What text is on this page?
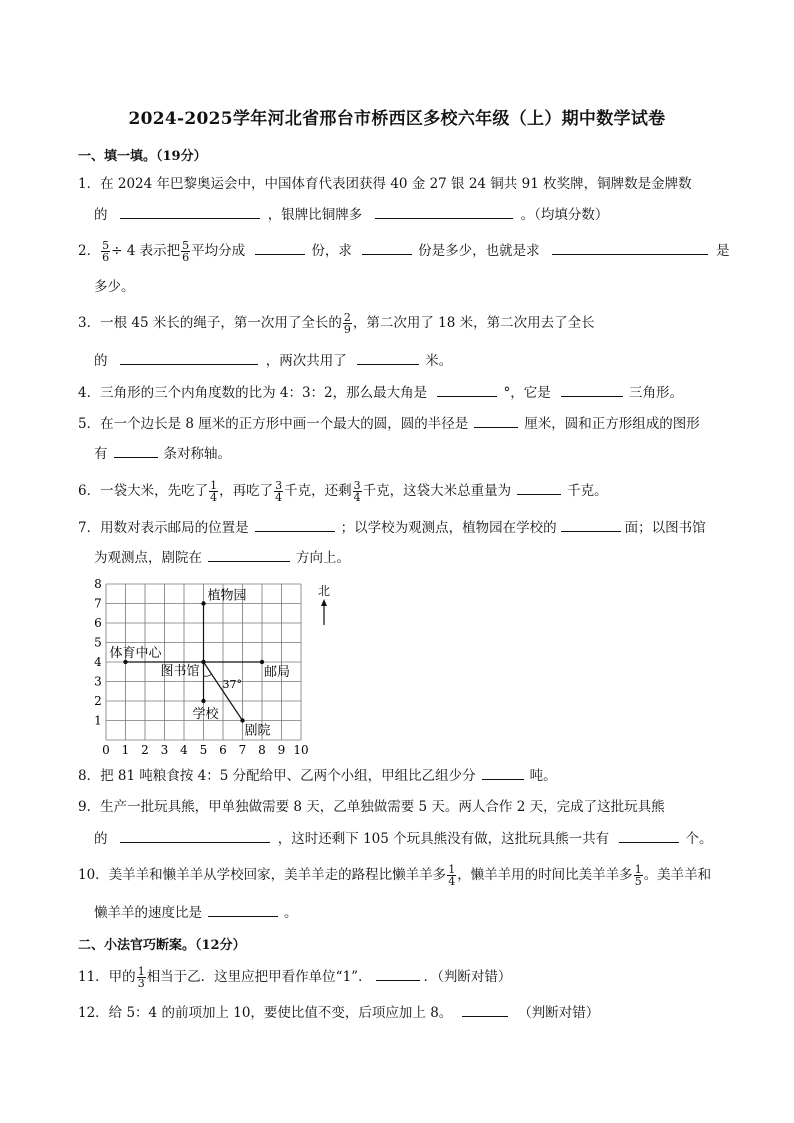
2024-2025学年河北省邢台市桥西区多校六年级（上）期中数学试卷
一、填一填。（19分）
1．在 2024 年巴黎奥运会中，中国体育代表团获得 40 金 27 银 24 铜共 91 枚奖牌，铜牌数是金牌数
的	，银牌比铜牌多	。（均填分数）
2． $\frac{5}{6} \div 4$ 表示把 $\frac{5}{6}$ 平均分成	份，求	份是多少，也就是求	是
多少。
3．一根 45 米长的绳子，第一次用了全长的 $\frac{2}{9}$ ，第二次用了 18 米，第二次用去了全长
的	，两次共用了	米。
4．三角形的三个内角度数的比为 4：3：2，那么最大角是	°，它是	三角形。
5．在一个边长是 8 厘米的正方形中画一个最大的圆，圆的半径是	厘米，圆和正方形组成的图形
有	条对称轴。
6．一袋大米，先吃了 $\frac{1}{4}$ ，再吃了 $\frac{3}{4}$ 千克，还剩 $\frac{3}{4}$ 千克，这袋大米总重量为	千克。
7．用数对表示邮局的位置是	；以学校为观测点，植物园在学校的	面；以图书馆
为观测点，剧院在	方向上。
0 1 2 3 4 5 6 7 8 9 10
1
2
3
4
5
6
7
8
植物园
体育中心
图书馆	邮局
学校
剧院
37°
北
8．把 81 吨粮食按 4：5 分配给甲、乙两个小组，甲组比乙组少分	吨。
9．生产一批玩具熊，甲单独做需要 8 天，乙单独做需要 5 天。两人合作 2 天，完成了这批玩具熊
的	，这时还剩下 105 个玩具熊没有做，这批玩具熊一共有	个。
10．美羊羊和懒羊羊从学校回家，美羊羊走的路程比懒羊羊多 $\frac{1}{4}$ ，懒羊羊用的时间比美羊羊多 $\frac{1}{5}$ 。美羊羊和
懒羊羊的速度比是	。
二、小法官巧断案。（12分）
11．甲的 $\frac{1}{3}$ 相当于乙．这里应把甲看作单位“1”．	．（判断对错）
12．给 5：4 的前项加上 10，要使比值不变，后项应加上 8。	（判断对错）
